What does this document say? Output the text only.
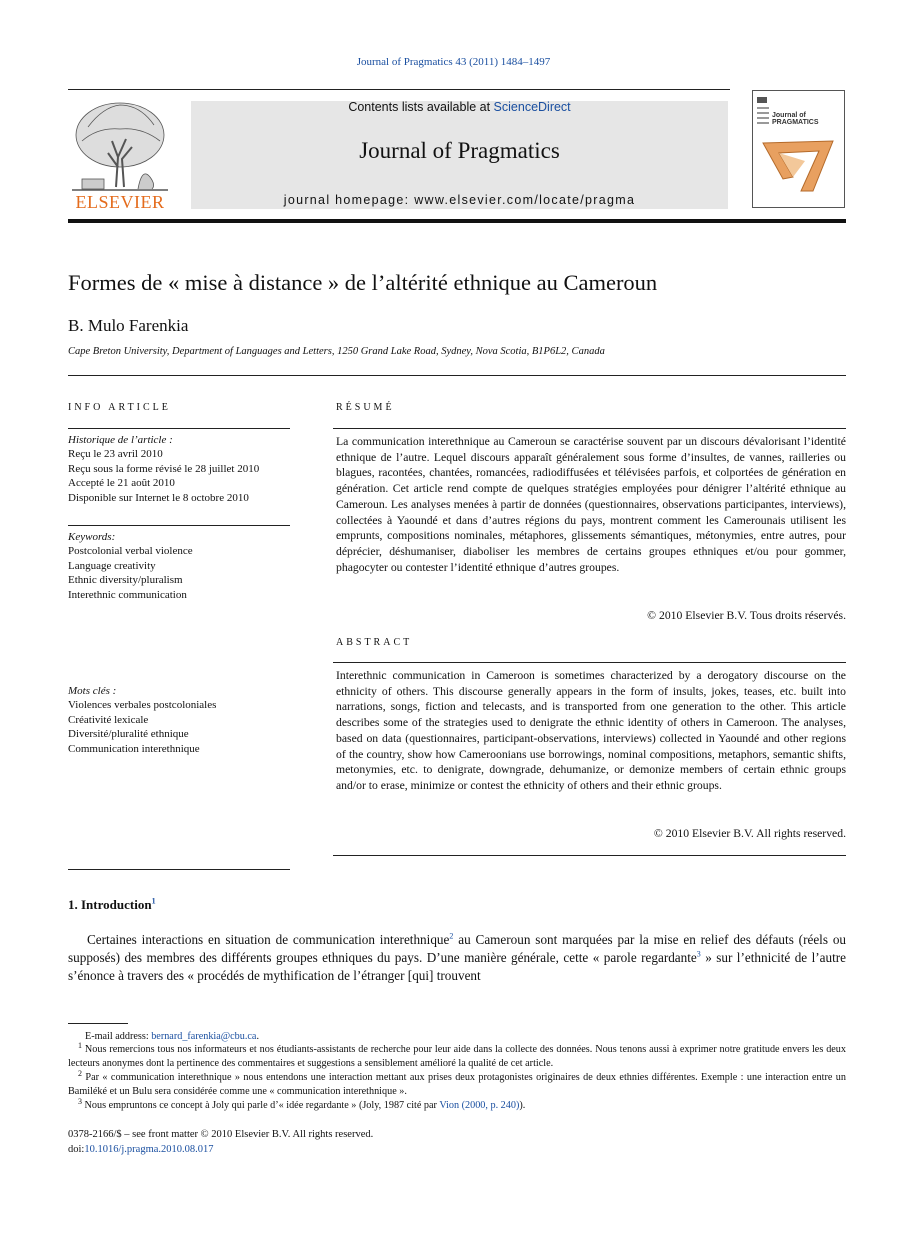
Journal of Pragmatics 43 (2011) 1484–1497
ELSEVIER
Contents lists available at ScienceDirect
Journal of Pragmatics
journal homepage: www.elsevier.com/locate/pragma
Journal of
PRAGMATICS
Formes de « mise à distance » de l’altérité ethnique au Cameroun
B. Mulo Farenkia
Cape Breton University, Department of Languages and Letters, 1250 Grand Lake Road, Sydney, Nova Scotia, B1P6L2, Canada
INFO ARTICLE
Historique de l’article :
Reçu le 23 avril 2010
Reçu sous la forme révisé le 28 juillet 2010
Accepté le 21 août 2010
Disponible sur Internet le 8 octobre 2010
Keywords:
Postcolonial verbal violence
Language creativity
Ethnic diversity/pluralism
Interethnic communication
Mots clés :
Violences verbales postcoloniales
Créativité lexicale
Diversité/pluralité ethnique
Communication interethnique
RÉSUMÉ
La communication interethnique au Cameroun se caractérise souvent par un discours dévalorisant l’identité ethnique de l’autre. Lequel discours apparaît généralement sous forme d’insultes, de vannes, railleries ou blagues, racontées, chantées, romancées, radiodiffusées et télévisées parfois, et colportées de génération en génération. Cet article rend compte de quelques stratégies employées pour dénigrer l’altérité ethnique au Cameroun. Les analyses menées à partir de données (questionnaires, observations participantes, interviews), collectées à Yaoundé et dans d’autres régions du pays, montrent comment les Camerounais utilisent les emprunts, compositions nominales, métaphores, glissements sémantiques, métonymies, entre autres, pour déprécier, déshumaniser, diaboliser les membres de certains groupes ethniques et/ou pour gommer, phagocyter ou contester l’identité ethnique d’autres groupes.
© 2010 Elsevier B.V. Tous droits réservés.
ABSTRACT
Interethnic communication in Cameroon is sometimes characterized by a derogatory discourse on the ethnicity of others. This discourse generally appears in the form of insults, jokes, teases, etc. built into narrations, songs, fiction and telecasts, and is transported from one generation to the other. This article describes some of the strategies used to denigrate the ethnic identity of others in Cameroon. The analyses, based on data (questionnaires, participant-observations, interviews) collected in Yaoundé and other regions of the country, show how Cameroonians use borrowings, nominal compositions, metaphors, semantic shifts, metonymies, etc. to denigrate, downgrade, dehumanize, or demonize members of certain ethnic groups and/or to erase, minimize or contest the ethnicity of others and their ethnic groups.
© 2010 Elsevier B.V. All rights reserved.
1. Introduction$^1$
Certaines interactions en situation de communication interethnique$^2$ au Cameroun sont marquées par la mise en relief des défauts (réels ou supposés) des membres des différents groupes ethniques du pays. D’une manière générale, cette « parole regardante$^3$ » sur l’ethnicité de l’autre s’énonce à travers des « procédés de mythification de l’étranger [qui] trouvent
E-mail address: bernard_farenkia@cbu.ca.
$^1$ Nous remercions tous nos informateurs et nos étudiants-assistants de recherche pour leur aide dans la collecte des données. Nous tenons aussi à exprimer notre gratitude envers les deux lecteurs anonymes dont la pertinence des commentaires et suggestions a sensiblement amélioré la qualité de cet article.
$^2$ Par « communication interethnique » nous entendons une interaction mettant aux prises deux protagonistes originaires de deux ethnies différentes. Exemple : une interaction entre un Bamiléké et un Bulu sera considérée comme une « communication interethnique ».
$^3$ Nous empruntons ce concept à Joly qui parle d’« idée regardante » (Joly, 1987 cité par Vion (2000, p. 240)).
0378-2166/$ – see front matter © 2010 Elsevier B.V. All rights reserved.
doi:10.1016/j.pragma.2010.08.017
